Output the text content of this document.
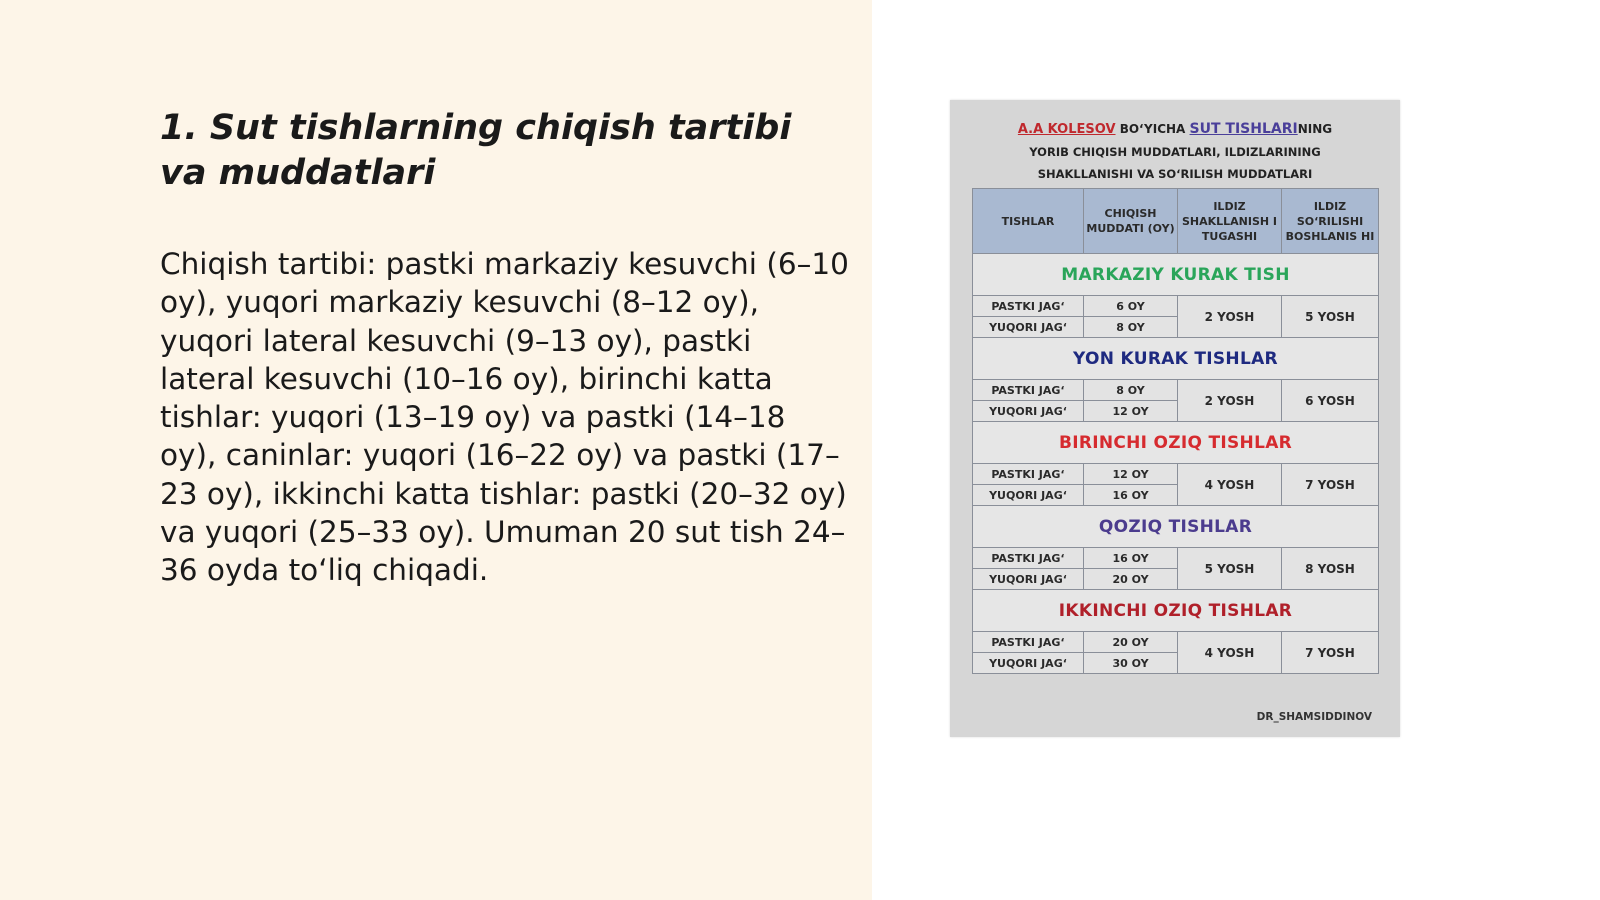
1. Sut tishlarning chiqish tartibi va muddatlari

Chiqish tartibi: pastki markaziy kesuvchi (6–10 oy), yuqori markaziy kesuvchi (8–12 oy), yuqori lateral kesuvchi (9–13 oy), pastki lateral kesuvchi (10–16 oy), birinchi katta tishlar: yuqori (13–19 oy) va pastki (14–18 oy), caninlar: yuqori (16–22 oy) va pastki (17–23 oy), ikkinchi katta tishlar: pastki (20–32 oy) va yuqori (25–33 oy). Umuman 20 sut tish 24–36 oyda to‘liq chiqadi.

A.A KOLESOV BO‘YICHA SUT TISHLARINING
YORIB CHIQISH MUDDATLARI, ILDIZLARINING
SHAKLLANISHI VA SO‘RILISH MUDDATLARI
TISHLAR	CHIQISH MUDDATI (OY)	ILDIZ SHAKLLANISH I TUGASHI	ILDIZ SO‘RILISHI BOSHLANIS HI
MARKAZIY KURAK TISH			
PASTKI JAG‘	6 OY	2 YOSH	5 YOSH
YUQORI JAG‘	8 OY		
YON KURAK TISHLAR			
PASTKI JAG‘	8 OY	2 YOSH	6 YOSH
YUQORI JAG‘	12 OY		
BIRINCHI OZIQ TISHLAR			
PASTKI JAG‘	12 OY	4 YOSH	7 YOSH
YUQORI JAG‘	16 OY		
QOZIQ TISHLAR			
PASTKI JAG‘	16 OY	5 YOSH	8 YOSH
YUQORI JAG‘	20 OY		
IKKINCHI OZIQ TISHLAR			
PASTKI JAG‘	20 OY	4 YOSH	7 YOSH
YUQORI JAG‘	30 OY		
DR_SHAMSIDDINOV
